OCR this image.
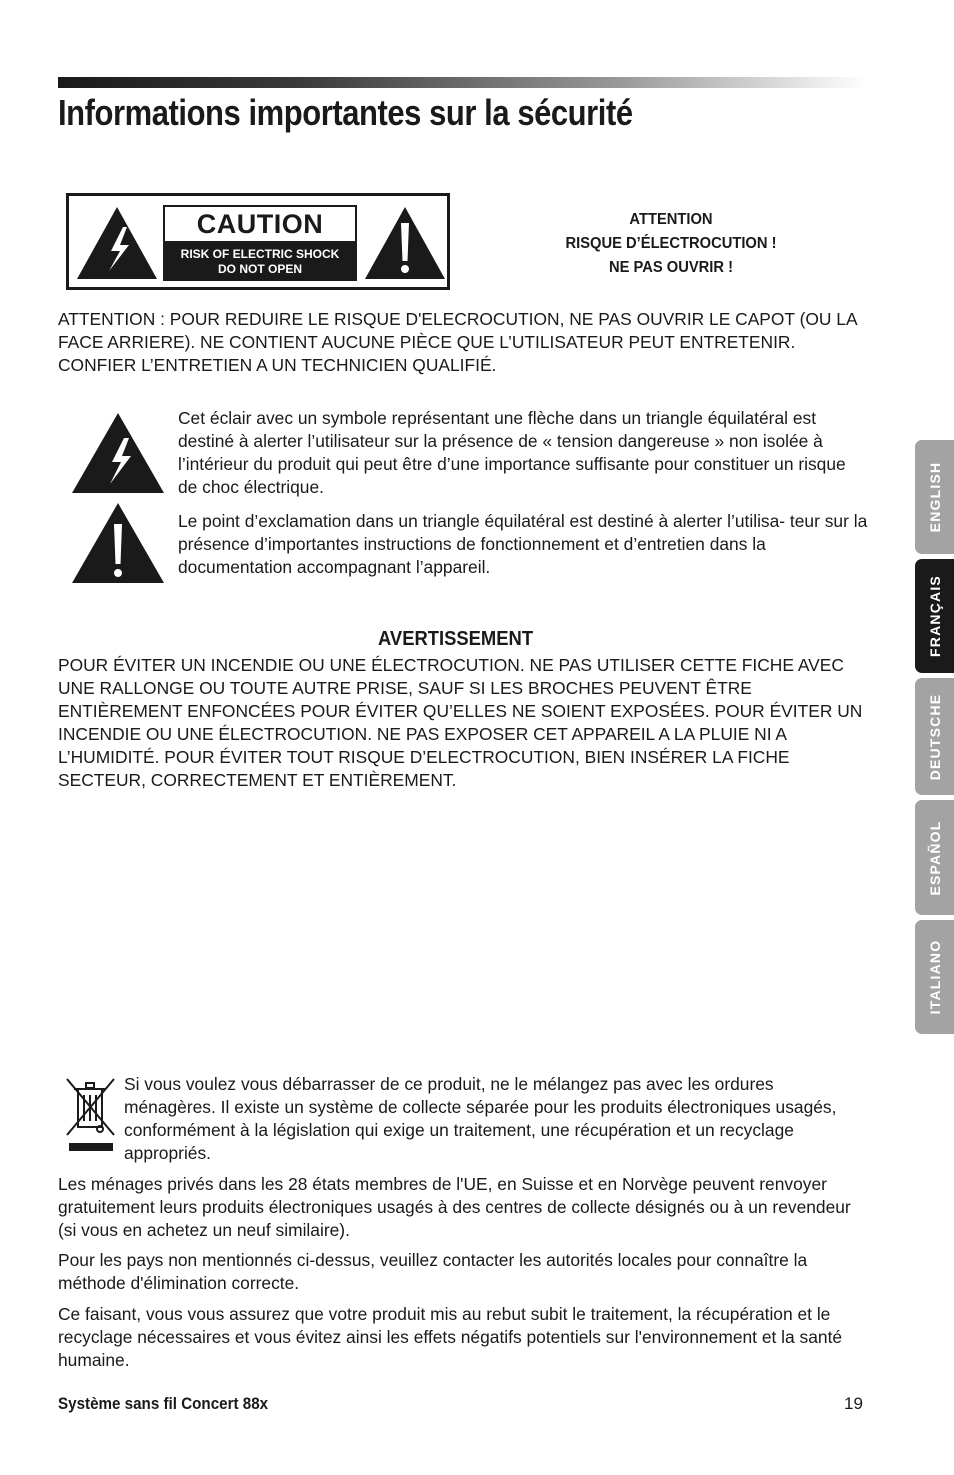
Informations importantes sur la sécurité
CAUTION
RISK OF ELECTRIC SHOCK
DO NOT OPEN
ATTENTION
RISQUE D’ÉLECTROCUTION !
NE PAS OUVRIR !

ATTENTION : POUR REDUIRE LE RISQUE D'ELECROCUTION, NE PAS OUVRIR LE CAPOT (OU LA FACE ARRIERE). NE CONTIENT AUCUNE PIÈCE QUE L’UTILISATEUR PEUT ENTRETENIR. CONFIER L’ENTRETIEN A UN TECHNICIEN QUALIFIÉ.

Cet éclair avec un symbole représentant une flèche dans un triangle équilatéral est destiné à alerter l’utilisateur sur la présence de « tension dangereuse » non isolée à l’intérieur du produit qui peut être d’une importance suffisante pour constituer un risque de choc électrique.

Le point d’exclamation dans un triangle équilatéral est destiné à alerter l’utilisa- teur sur la présence d’importantes instructions de fonctionnement et d’entretien dans la documentation accompagnant l’appareil.

AVERTISSEMENT

POUR ÉVITER UN INCENDIE OU UNE ÉLECTROCUTION. NE PAS UTILISER CETTE FICHE AVEC UNE RALLONGE OU TOUTE AUTRE PRISE, SAUF SI LES BROCHES PEUVENT ÊTRE ENTIÈREMENT ENFONCÉES POUR ÉVITER QU’ELLES NE SOIENT EXPOSÉES. POUR ÉVITER UN INCENDIE OU UNE ÉLECTROCUTION. NE PAS EXPOSER CET APPAREIL A LA PLUIE NI A L’HUMIDITÉ. POUR ÉVITER TOUT RISQUE D’ELECTROCUTION, BIEN INSÉRER LA FICHE SECTEUR, CORRECTEMENT ET ENTIÈREMENT.

Si vous voulez vous débarrasser de ce produit, ne le mélangez pas avec les ordures ménagères. Il existe un système de collecte séparée pour les produits électroniques usagés, conformément à la législation qui exige un traitement, une récupération et un recyclage appropriés.

Les ménages privés dans les 28 états membres de l'UE, en Suisse et en Norvège peuvent renvoyer gratuitement leurs produits électroniques usagés à des centres de collecte désignés ou à un revendeur (si vous en achetez un neuf similaire).

Pour les pays non mentionnés ci-dessus, veuillez contacter les autorités locales pour connaître la méthode d'élimination correcte.

Ce faisant, vous vous assurez que votre produit mis au rebut subit le traitement, la récupération et le recyclage nécessaires et vous évitez ainsi les effets négatifs potentiels sur l'environnement et la santé humaine.

Système sans fil Concert 88x	19
ENGLISH
FRANÇAIS
DEUTSCHE
ESPAÑOL
ITALIANO
